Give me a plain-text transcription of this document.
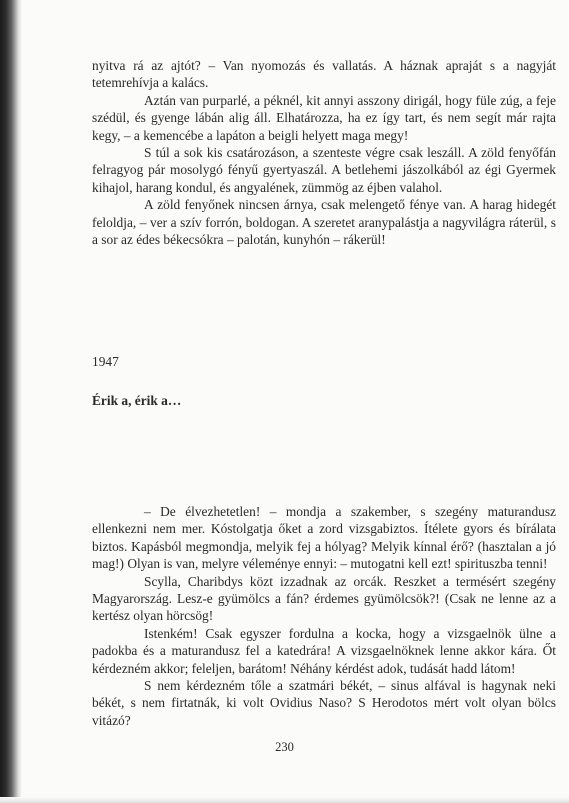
nyitva rá az ajtót? – Van nyomozás és vallatás. A háznak apraját s a nagyját tetemrehívja a kalács.

Aztán van purparlé, a péknél, kit annyi asszony dirigál, hogy füle zúg, a feje szédül, és gyenge lábán alig áll. Elhatározza, ha ez így tart, és nem segít már rajta kegy, – a kemencébe a lapáton a beigli helyett maga megy!

S túl a sok kis csatározáson, a szenteste végre csak leszáll. A zöld fenyőfán felragyog pár mosolygó fényű gyertyaszál. A betlehemi jászolkából az égi Gyermek kihajol, harang kondul, és angyalének, zümmög az éjben valahol.

A zöld fenyőnek nincsen árnya, csak melengető fénye van. A harag hidegét feloldja, – ver a szív forrón, boldogan. A szeretet aranypalástja a nagyvilágra ráterül, s a sor az édes békecsókra – palotán, kunyhón – rákerül!

1947
Érik a, érik a…

– De élvezhetetlen! – mondja a szakember, s szegény maturandusz ellenkezni nem mer. Kóstolgatja őket a zord vizsgabiztos. Ítélete gyors és bírálata biztos. Kapásból megmondja, melyik fej a hólyag? Melyik kínnal érő? (hasztalan a jó mag!) Olyan is van, melyre véleménye ennyi: – mutogatni kell ezt! spirituszba tenni!

Scylla, Charibdys közt izzadnak az orcák. Reszket a termésért szegény Magyarország. Lesz-e gyümölcs a fán? érdemes gyümölcsök?! (Csak ne lenne az a kertész olyan hörcsög!

Istenkém! Csak egyszer fordulna a kocka, hogy a vizsgaelnök ülne a padokba és a maturandusz fel a katedrára! A vizsgaelnöknek lenne akkor kára. Őt kérdezném akkor; feleljen, barátom! Néhány kérdést adok, tudását hadd látom!

S nem kérdezném tőle a szatmári békét, – sinus alfával is hagynak neki békét, s nem firtatnák, ki volt Ovidius Naso? S Herodotos mért volt olyan bölcs vitázó?

230
